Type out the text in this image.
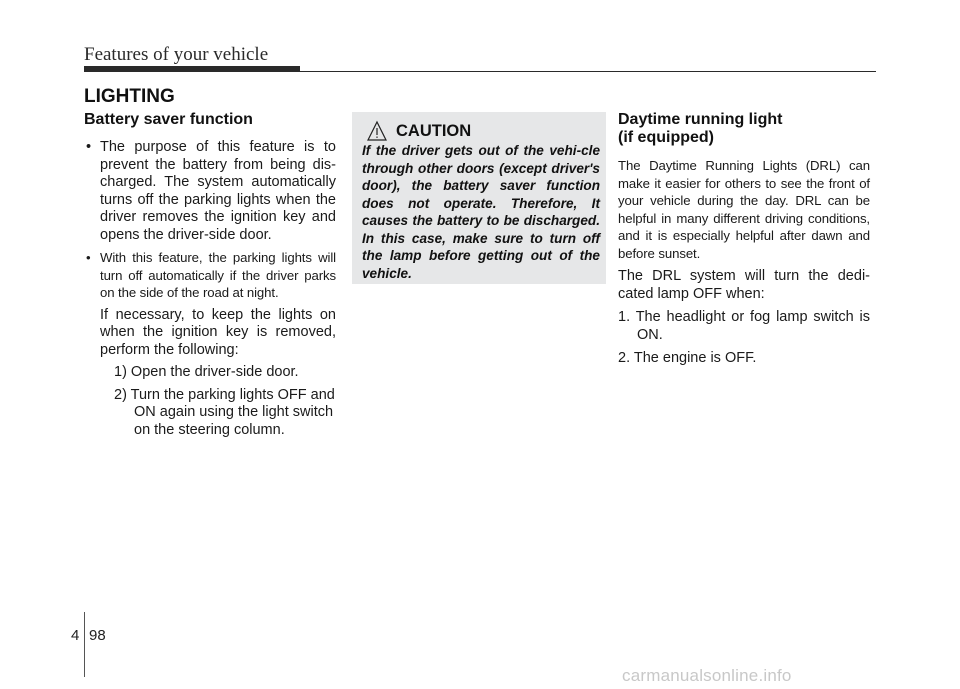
Features of your vehicle
LIGHTING
Battery saver function
• The purpose of this feature is to prevent the battery from being dis-charged. The system automatically turns off the parking lights when the driver removes the ignition key and opens the driver-side door.
• With this feature, the parking lights will turn off automatically if the driver parks on the side of the road at night.
If necessary, to keep the lights on when the ignition key is removed, perform the following:
1) Open the driver-side door.
2) Turn the parking lights OFF and ON again using the light switch on the steering column.
CAUTION
If the driver gets out of the vehi-cle through other doors (except driver's door), the battery saver function does not operate. Therefore, It causes the battery to be discharged. In this case, make sure to turn off the lamp before getting out of the vehicle.
Daytime running light
(if equipped)

The Daytime Running Lights (DRL) can make it easier for others to see the front of your vehicle during the day. DRL can be helpful in many different driving conditions, and it is especially helpful after dawn and before sunset.

The DRL system will turn the dedi-cated lamp OFF when:

1. The headlight or fog lamp switch is ON.

2. The engine is OFF.

4 98
carmanualsonline.info
